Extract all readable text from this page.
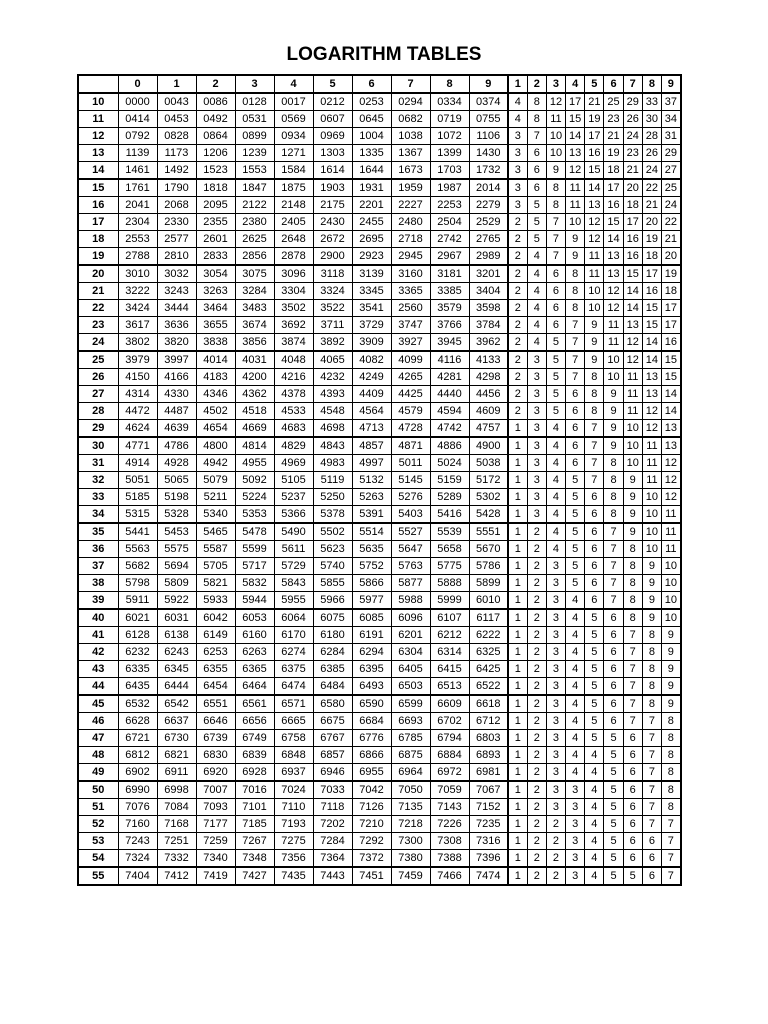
LOGARITHM TABLES
	0	1	2	3	4	5	6	7	8	9	1	2	3	4	5	6	7	8	9
10	0000	0043	0086	0128	0017	0212	0253	0294	0334	0374	4	8	12	17	21	25	29	33	37
11	0414	0453	0492	0531	0569	0607	0645	0682	0719	0755	4	8	11	15	19	23	26	30	34
12	0792	0828	0864	0899	0934	0969	1004	1038	1072	1106	3	7	10	14	17	21	24	28	31
13	1139	1173	1206	1239	1271	1303	1335	1367	1399	1430	3	6	10	13	16	19	23	26	29
14	1461	1492	1523	1553	1584	1614	1644	1673	1703	1732	3	6	9	12	15	18	21	24	27
15	1761	1790	1818	1847	1875	1903	1931	1959	1987	2014	3	6	8	11	14	17	20	22	25
16	2041	2068	2095	2122	2148	2175	2201	2227	2253	2279	3	5	8	11	13	16	18	21	24
17	2304	2330	2355	2380	2405	2430	2455	2480	2504	2529	2	5	7	10	12	15	17	20	22
18	2553	2577	2601	2625	2648	2672	2695	2718	2742	2765	2	5	7	9	12	14	16	19	21
19	2788	2810	2833	2856	2878	2900	2923	2945	2967	2989	2	4	7	9	11	13	16	18	20
20	3010	3032	3054	3075	3096	3118	3139	3160	3181	3201	2	4	6	8	11	13	15	17	19
21	3222	3243	3263	3284	3304	3324	3345	3365	3385	3404	2	4	6	8	10	12	14	16	18
22	3424	3444	3464	3483	3502	3522	3541	2560	3579	3598	2	4	6	8	10	12	14	15	17
23	3617	3636	3655	3674	3692	3711	3729	3747	3766	3784	2	4	6	7	9	11	13	15	17
24	3802	3820	3838	3856	3874	3892	3909	3927	3945	3962	2	4	5	7	9	11	12	14	16
25	3979	3997	4014	4031	4048	4065	4082	4099	4116	4133	2	3	5	7	9	10	12	14	15
26	4150	4166	4183	4200	4216	4232	4249	4265	4281	4298	2	3	5	7	8	10	11	13	15
27	4314	4330	4346	4362	4378	4393	4409	4425	4440	4456	2	3	5	6	8	9	11	13	14
28	4472	4487	4502	4518	4533	4548	4564	4579	4594	4609	2	3	5	6	8	9	11	12	14
29	4624	4639	4654	4669	4683	4698	4713	4728	4742	4757	1	3	4	6	7	9	10	12	13
30	4771	4786	4800	4814	4829	4843	4857	4871	4886	4900	1	3	4	6	7	9	10	11	13
31	4914	4928	4942	4955	4969	4983	4997	5011	5024	5038	1	3	4	6	7	8	10	11	12
32	5051	5065	5079	5092	5105	5119	5132	5145	5159	5172	1	3	4	5	7	8	9	11	12
33	5185	5198	5211	5224	5237	5250	5263	5276	5289	5302	1	3	4	5	6	8	9	10	12
34	5315	5328	5340	5353	5366	5378	5391	5403	5416	5428	1	3	4	5	6	8	9	10	11
35	5441	5453	5465	5478	5490	5502	5514	5527	5539	5551	1	2	4	5	6	7	9	10	11
36	5563	5575	5587	5599	5611	5623	5635	5647	5658	5670	1	2	4	5	6	7	8	10	11
37	5682	5694	5705	5717	5729	5740	5752	5763	5775	5786	1	2	3	5	6	7	8	9	10
38	5798	5809	5821	5832	5843	5855	5866	5877	5888	5899	1	2	3	5	6	7	8	9	10
39	5911	5922	5933	5944	5955	5966	5977	5988	5999	6010	1	2	3	4	6	7	8	9	10
40	6021	6031	6042	6053	6064	6075	6085	6096	6107	6117	1	2	3	4	5	6	8	9	10
41	6128	6138	6149	6160	6170	6180	6191	6201	6212	6222	1	2	3	4	5	6	7	8	9
42	6232	6243	6253	6263	6274	6284	6294	6304	6314	6325	1	2	3	4	5	6	7	8	9
43	6335	6345	6355	6365	6375	6385	6395	6405	6415	6425	1	2	3	4	5	6	7	8	9
44	6435	6444	6454	6464	6474	6484	6493	6503	6513	6522	1	2	3	4	5	6	7	8	9
45	6532	6542	6551	6561	6571	6580	6590	6599	6609	6618	1	2	3	4	5	6	7	8	9
46	6628	6637	6646	6656	6665	6675	6684	6693	6702	6712	1	2	3	4	5	6	7	7	8
47	6721	6730	6739	6749	6758	6767	6776	6785	6794	6803	1	2	3	4	5	5	6	7	8
48	6812	6821	6830	6839	6848	6857	6866	6875	6884	6893	1	2	3	4	4	5	6	7	8
49	6902	6911	6920	6928	6937	6946	6955	6964	6972	6981	1	2	3	4	4	5	6	7	8
50	6990	6998	7007	7016	7024	7033	7042	7050	7059	7067	1	2	3	3	4	5	6	7	8
51	7076	7084	7093	7101	7110	7118	7126	7135	7143	7152	1	2	3	3	4	5	6	7	8
52	7160	7168	7177	7185	7193	7202	7210	7218	7226	7235	1	2	2	3	4	5	6	7	7
53	7243	7251	7259	7267	7275	7284	7292	7300	7308	7316	1	2	2	3	4	5	6	6	7
54	7324	7332	7340	7348	7356	7364	7372	7380	7388	7396	1	2	2	3	4	5	6	6	7
55	7404	7412	7419	7427	7435	7443	7451	7459	7466	7474	1	2	2	3	4	5	5	6	7
